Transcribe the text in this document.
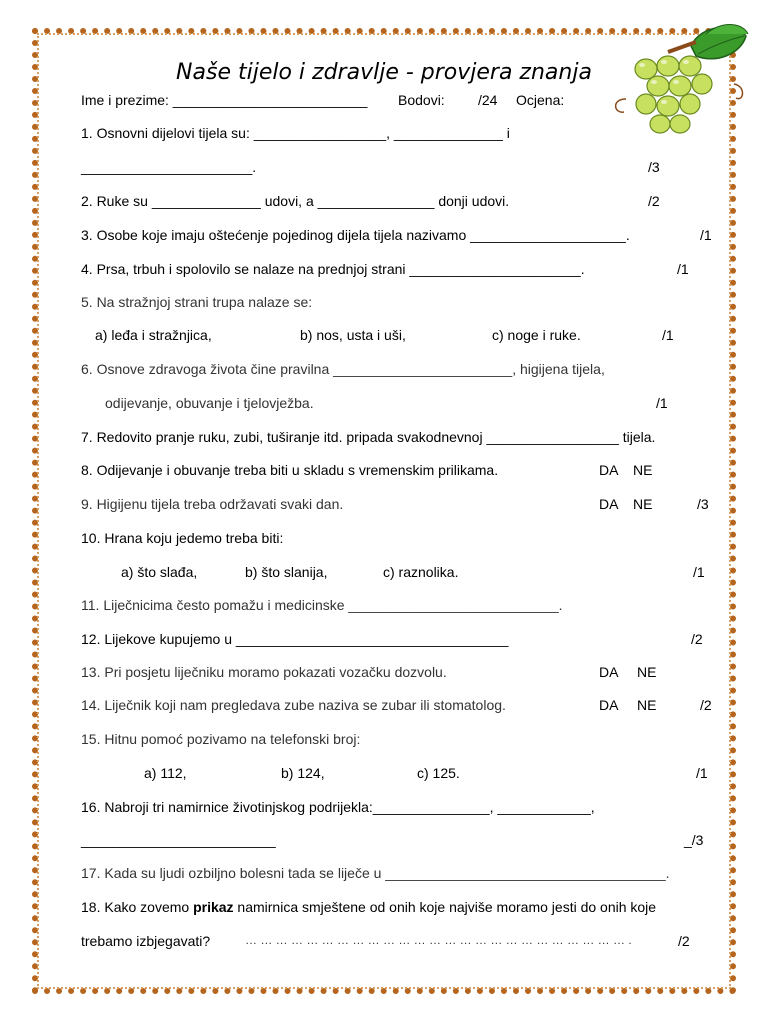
Naše tijelo i zdravlje - provjera znanja
Ime i prezime: _________________________ Bodovi: /24 Ocjena:
1. Osnovni dijelovi tijela su: _________________, ______________ i
______________________.	/3
2. Ruke su ______________ udovi, a _______________ donji udovi.	/2
3. Osobe koje imaju oštećenje pojedinog dijela tijela nazivamo ____________________.	/1
4. Prsa, trbuh i spolovilo se nalaze na prednjoj strani ______________________.	/1
5. Na stražnjoj strani trupa nalaze se:
a) leđa i stražnjica,	b) nos, usta i uši,	c) noge i ruke.	/1
6. Osnove zdravoga života čine pravilna _______________________, higijena tijela,
odijevanje, obuvanje i tjelovježba.	/1
7. Redovito pranje ruku, zubi, tuširanje itd. pripada svakodnevnoj _________________ tijela.
8. Odijevanje i obuvanje treba biti u skladu s vremenskim prilikama.	DA NE
9. Higijenu tijela treba održavati svaki dan.	DA NE	/3
10. Hrana koju jedemo treba biti:
a) što slađa,	b) što slanija,	c) raznolika.	/1
11. Liječnicima često pomažu i medicinske ___________________________.
12. Lijekove kupujemo u ___________________________________	/2
13. Pri posjetu liječniku moramo pokazati vozačku dozvolu.	DA NE
14. Liječnik koji nam pregledava zube naziva se zubar ili stomatolog.	DA NE	/2
15. Hitnu pomoć pozivamo na telefonski broj:
a) 112,	b) 124,	c) 125.	/1
16. Nabroji tri namirnice životinjskog podrijekla:_______________, ____________,
_________________________	_/3
17. Kada su ljudi ozbiljno bolesni tada se liječe u ____________________________________.
18. Kako zovemo prikaz namirnica smještene od onih koje najviše moramo jesti do onih koje
trebamo izbjegavati?	… … … … … … … … … … … … … … … … … … … … … … … … … .	/2
